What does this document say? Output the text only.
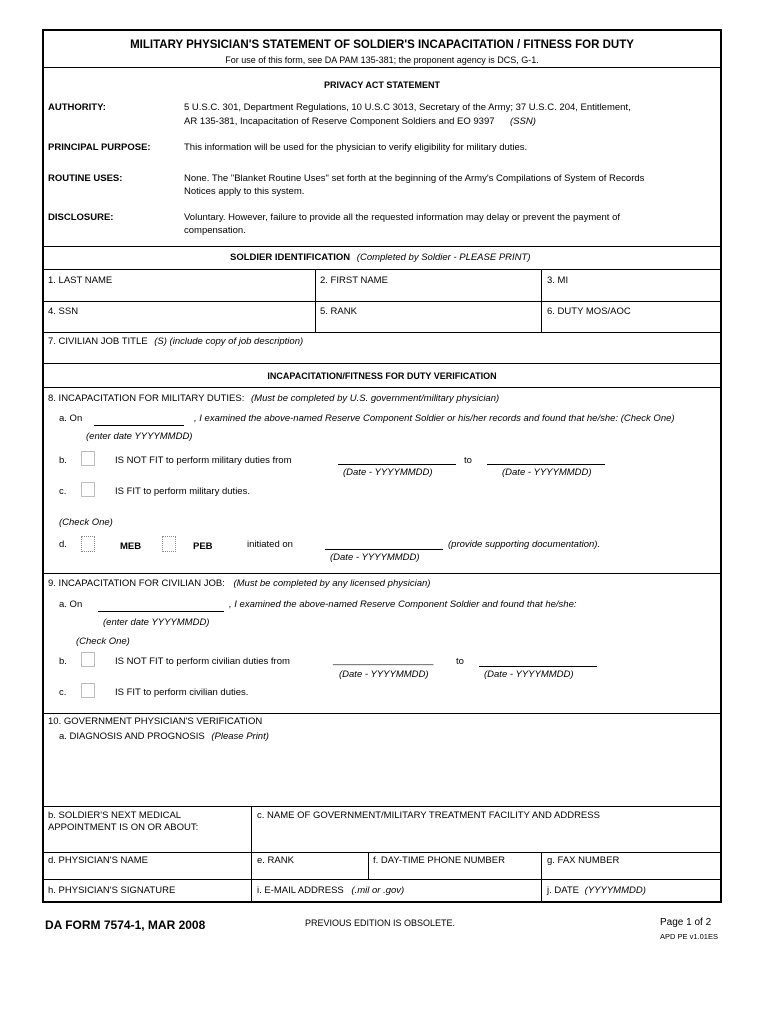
MILITARY PHYSICIAN'S STATEMENT OF SOLDIER'S INCAPACITATION / FITNESS FOR DUTY
For use of this form, see DA PAM 135-381; the proponent agency is DCS, G-1.
PRIVACY ACT STATEMENT
AUTHORITY:	5 U.S.C. 301, Department Regulations, 10 U.S.C 3013, Secretary of the Army; 37 U.S.C. 204, Entitlement,
AR 135-381, Incapacitation of Reserve Component Soldiers and EO 9397 (SSN)
PRINCIPAL PURPOSE:	This information will be used for the physician to verify eligibility for military duties.
ROUTINE USES:	None. The "Blanket Routine Uses" set forth at the beginning of the Army's Compilations of System of Records
Notices apply to this system.
DISCLOSURE:	Voluntary. However, failure to provide all the requested information may delay or prevent the payment of
compensation.
SOLDIER IDENTIFICATION (Completed by Soldier - PLEASE PRINT)
1. LAST NAME	2. FIRST NAME	3. MI
4. SSN	5. RANK	6. DUTY MOS/AOC
7. CIVILIAN JOB TITLE (S) (include copy of job description)
INCAPACITATION/FITNESS FOR DUTY VERIFICATION
8. INCAPACITATION FOR MILITARY DUTIES: (Must be completed by U.S. government/military physician)
a. On	, I examined the above-named Reserve Component Soldier or his/her records and found that he/she: (Check One)
(enter date YYYYMMDD)
b.	IS NOT FIT to perform military duties from	to
(Date - YYYYMMDD)	(Date - YYYYMMDD)
c.	IS FIT to perform military duties.
(Check One)
d.	MEB	PEB	initiated on	(provide supporting documentation).
(Date - YYYYMMDD)
9. INCAPACITATION FOR CIVILIAN JOB: (Must be completed by any licensed physician)
a. On	, I examined the above-named Reserve Component Soldier and found that he/she:
(enter date YYYYMMDD)
(Check One)
b.	IS NOT FIT to perform civilian duties from	___________________ to
(Date - YYYYMMDD)	(Date - YYYYMMDD)
c.	IS FIT to perform civilian duties.
10. GOVERNMENT PHYSICIAN'S VERIFICATION
a. DIAGNOSIS AND PROGNOSIS (Please Print)
b. SOLDIER'S NEXT MEDICAL
APPOINTMENT IS ON OR ABOUT:
c. NAME OF GOVERNMENT/MILITARY TREATMENT FACILITY AND ADDRESS
d. PHYSICIAN'S NAME	e. RANK	f. DAY-TIME PHONE NUMBER	g. FAX NUMBER
h. PHYSICIAN'S SIGNATURE	i. E-MAIL ADDRESS (.mil or .gov)	j. DATE (YYYYMMDD)
DA FORM 7574-1, MAR 2008	PREVIOUS EDITION IS OBSOLETE.	Page 1 of 2
APD PE v1.01ES
